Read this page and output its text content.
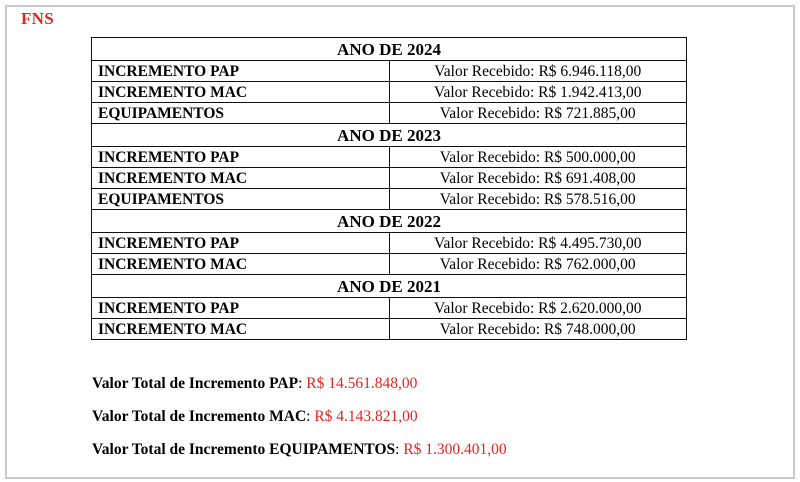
FNS
ANO DE 2024	
INCREMENTO PAP	Valor Recebido: R$ 6.946.118,00
INCREMENTO MAC	Valor Recebido: R$ 1.942.413,00
EQUIPAMENTOS	Valor Recebido: R$ 721.885,00
ANO DE 2023	
INCREMENTO PAP	Valor Recebido: R$ 500.000,00
INCREMENTO MAC	Valor Recebido: R$ 691.408,00
EQUIPAMENTOS	Valor Recebido: R$ 578.516,00
ANO DE 2022	
INCREMENTO PAP	Valor Recebido: R$ 4.495.730,00
INCREMENTO MAC	Valor Recebido: R$ 762.000,00
ANO DE 2021	
INCREMENTO PAP	Valor Recebido: R$ 2.620.000,00
INCREMENTO MAC	Valor Recebido: R$ 748.000,00
Valor Total de Incremento PAP: R$ 14.561.848,00
Valor Total de Incremento MAC: R$ 4.143.821,00
Valor Total de Incremento EQUIPAMENTOS: R$ 1.300.401,00
